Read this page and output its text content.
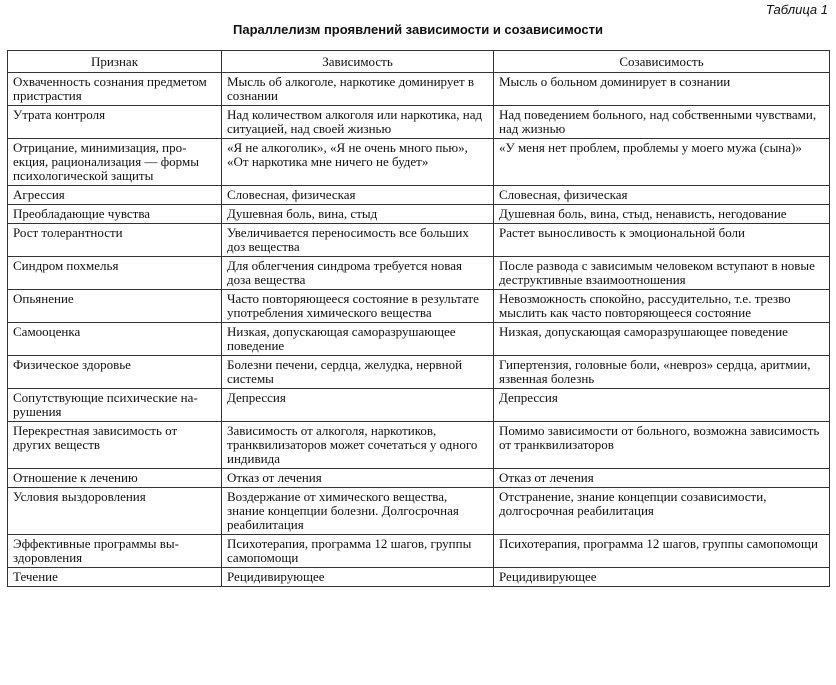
Таблица 1
Параллелизм проявлений зависимости и созависимости
Признак	Зависимость	Созависимость
Охваченность сознания предметом пристрастия	Мысль об алкоголе, наркотике доминирует в сознании	Мысль о больном доминирует в сознании
Утрата контроля	Над количеством алкоголя или наркотика, над ситуацией, над своей жизнью	Над поведением больного, над собственными чувствами, над жизнью
Отрицание, минимизация, проекция, рационализация — формы психологической защиты	«Я не алкоголик», «Я не очень много пью», «От наркотика мне ничего не будет»	«У меня нет проблем, проблемы у моего мужа (сына)»
Агрессия	Словесная, физическая	Словесная, физическая
Преобладающие чувства	Душевная боль, вина, стыд	Душевная боль, вина, стыд, ненависть, негодование
Рост толерантности	Увеличивается переносимость все больших доз вещества	Растет выносливость к эмоциональной боли
Синдром похмелья	Для облегчения синдрома требуется новая доза вещества	После развода с зависимым человеком вступают в новые деструктивные взаимоотношения
Опьянение	Часто повторяющееся состояние в результате употребления химического вещества	Невозможность спокойно, рассудительно, т.е. трезво мыслить как часто повторяющееся состояние
Самооценка	Низкая, допускающая саморазрушающее поведение	Низкая, допускающая саморазрушающее поведение
Физическое здоровье	Болезни печени, сердца, желудка, нервной системы	Гипертензия, головные боли, «невроз» сердца, аритмии, язвенная болезнь
Сопутствующие психические нарушения	Депрессия	Депрессия
Перекрестная зависимость от других веществ	Зависимость от алкоголя, наркотиков, транквилизаторов может сочетаться у одного индивида	Помимо зависимости от больного, возможна зависимость от транквилизаторов
Отношение к лечению	Отказ от лечения	Отказ от лечения
Условия выздоровления	Воздержание от химического вещества, знание концепции болезни. Долгосрочная реабилитация	Отстранение, знание концепции созависимости, долгосрочная реабилитация
Эффективные программы выздоровления	Психотерапия, программа 12 шагов, группы самопомощи	Психотерапия, программа 12 шагов, группы самопомощи
Течение	Рецидивирующее	Рецидивирующее
